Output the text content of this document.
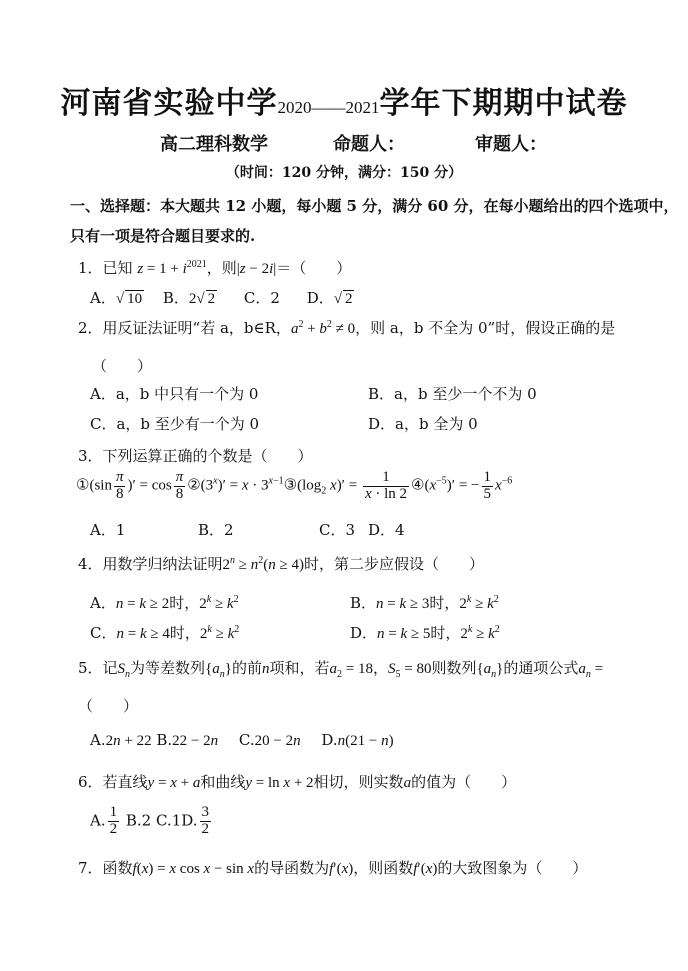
河南省实验中学2020——2021学年下期期中试卷
高二理科数学	命题人：	审题人：
（时间：120 分钟，满分：150 分）
一、选择题：本大题共 12 小题，每小题 5 分，满分 60 分，在每小题给出的四个选项中，
只有一项是符合题目要求的.
1．已知 $z = 1 + i^{2021}$，则|z − 2i|＝（　　）
A．√ 10 B．2√ 2 C．2 D．√ 2
2．用反证法证明“若 a，b∈R，$a^2 + b^2 \ne 0$，则 a，b 不全为 0”时，假设正确的是
（　　）
A．a，b 中只有一个为 0	B．a，b 至少一个不为 0
C．a，b 至少有一个为 0	D．a，b 全为 0
3．下列运算正确的个数是（　　）
①(sin $\frac{\pi}{8}$ )′ = $\cos \frac{\pi}{8}$ $②(3^x)' = x$ · $3^{x-1}③(\log_2$ $x)' = \frac{1}{x \cdot \ln 2}$ $④(x^{-5})'$ = − $\frac{1}{5} x^{-6}$
A．1	B．2	C．3 D．4
4．用数学归纳法证明$2^n \ge n^2(n \ge 4)$时，第二步应假设（　　）
A．n = k ≥ 2时，$2^k \ge k^2$	B．n = k ≥ 3时，$2^k \ge k^2$
C．n = k ≥ 4时，$2^k \ge k^2$	D．n = k ≥ 5时，$2^k \ge k^2$
5．记$S_n$为等差数列$\{a_n\}$的前n项和，若$a_2 = 18$，$S_5 = 80$则数列$\{a_n\}$的通项公式$a_n$ =
（　　）
A.2n + 22 B.22 − 2n C.20 − 2n D.n(21 − n)
6．若直线y = x + a和曲线y = ln x + 2相切，则实数a的值为（　　）
A. $\frac{1}{2} B.2$ C.1D. $\frac{3}{2}$
7．函数f(x) = x cos x − sin x的导函数为f′(x)，则函数f′(x)的大致图象为（　　）
